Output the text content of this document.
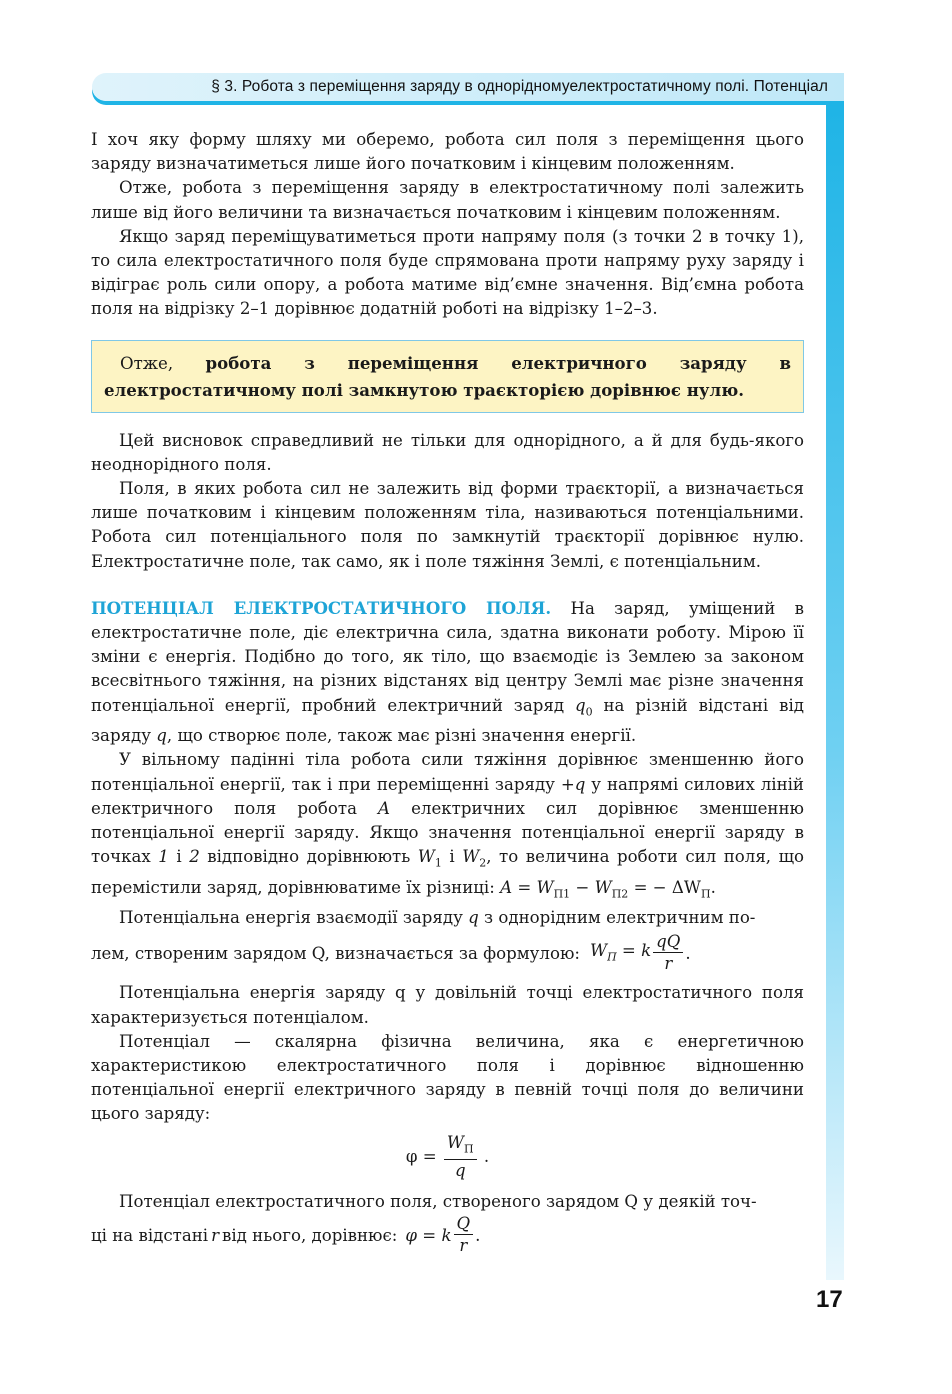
§ 3. Робота з переміщення заряду в однорідномуелектростатичному полі. Потенціал

І хоч яку форму шляху ми оберемо, робота сил поля з переміщення цього заряду визначатиметься лише його початковим і кінцевим положенням.

Отже, робота з переміщення заряду в електростатичному полі залежить лише від його величини та визначається початковим і кінцевим положенням.

Якщо заряд переміщуватиметься проти напряму поля (з точки 2 в точку 1), то сила електростатичного поля буде спрямована проти напряму руху заряду і відіграє роль сили опору, а робота матиме від’ємне значення. Від’ємна робота поля на відрізку 2–1 дорівнює додатній роботі на відрізку 1–2–3.

Отже, робота з переміщення електричного заряду в електростатичному полі замкнутою траєкторією дорівнює нулю.

Цей висновок справедливий не тільки для однорідного, а й для будь-якого неоднорідного поля.

Поля, в яких робота сил не залежить від форми траєкторії, а визначається лише початковим і кінцевим положенням тіла, називаються потенціальними. Робота сил потенціального поля по замкнутій траєкторії дорівнює нулю. Електростатичне поле, так само, як і поле тяжіння Землі, є потенціальним.

ПОТЕНЦІАЛ ЕЛЕКТРОСТАТИЧНОГО ПОЛЯ. На заряд, уміщений в електростатичне поле, діє електрична сила, здатна виконати роботу. Мірою її зміни є енергія. Подібно до того, як тіло, що взаємодіє із Землею за законом всесвітнього тяжіння, на різних відстанях від центру Землі має різне значення потенціальної енергії, пробний електричний заряд $q_0$ на різній відстані від заряду q, що створює поле, також має різні значення енергії.

У вільному падінні тіла робота сили тяжіння дорівнює зменшенню його потенціальної енергії, так і при переміщенні заряду +q у напрямі силових ліній електричного поля робота A електричних сил дорівнює зменшенню потенціальної енергії заряду. Якщо значення потенціальної енергії заряду в точках 1 і 2 відповідно дорівнюють $W_1$ і $W_2$, то величина роботи сил поля, що перемістили заряд, дорівнюватиме їх різниці: $A = W_{П1} - W_{П2}$ = − $\Delta W_П$.

Потенціальна енергія взаємодії заряду q з однорідним електричним по-

лем, створеним зарядом Q, визначається за формулою: $W_П = k \frac{qQ}{r}$ .

Потенціальна енергія заряду q у довільній точці електростатичного поля характеризується потенціалом.

Потенціал — скалярна фізична величина, яка є енергетичною характеристикою електростатичного поля і дорівнює відношенню потенціальної енергії електричного заряду в певній точці поля до величини цього заряду:

$\varphi = \frac{W_П}{q}$ .

Потенціал електростатичного поля, створеного зарядом Q у деякій точ-

ці на відстані r від нього, дорівнює: φ = k $\frac{Q}{r}$ .
17
